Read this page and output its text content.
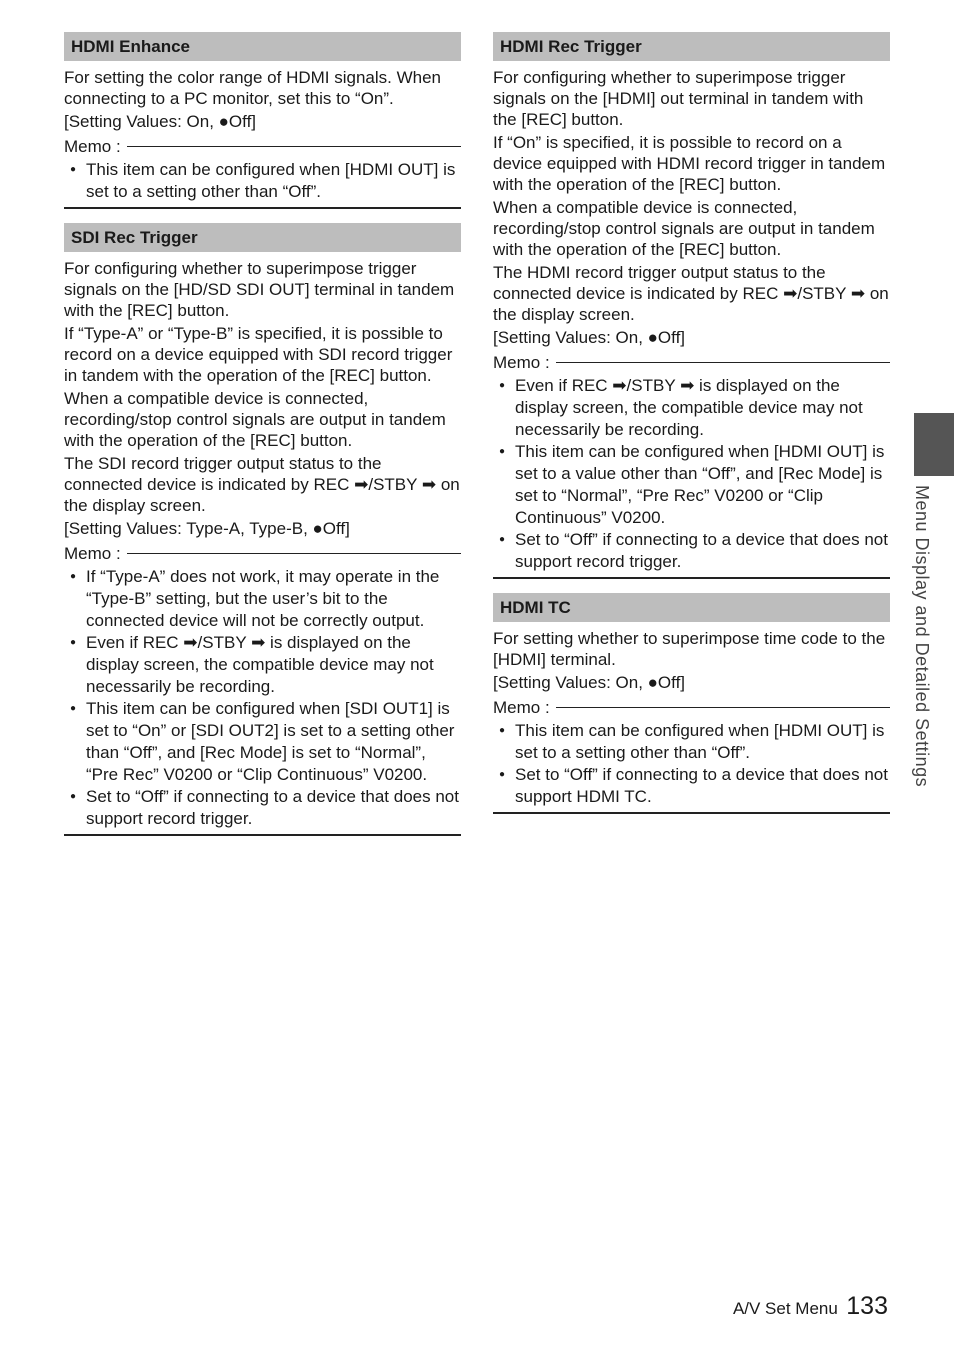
HDMI Enhance

For setting the color range of HDMI signals. When connecting to a PC monitor, set this to “On”.

[Setting Values: On, ●Off]

Memo :
● This item can be configured when [HDMI OUT] is set to a setting other than “Off”.
SDI Rec Trigger

For configuring whether to superimpose trigger signals on the [HD/SD SDI OUT] terminal in tandem with the [REC] button.

If “Type-A” or “Type-B” is specified, it is possible to record on a device equipped with SDI record trigger in tandem with the operation of the [REC] button.

When a compatible device is connected, recording/stop control signals are output in tandem with the operation of the [REC] button.

The SDI record trigger output status to the connected device is indicated by REC ➡/STBY ➡ on the display screen.

[Setting Values: Type-A, Type-B, ●Off]

Memo :
● If “Type-A” does not work, it may operate in the “Type-B” setting, but the user’s bit to the connected device will not be correctly output.
● Even if REC ➡/STBY ➡ is displayed on the display screen, the compatible device may not necessarily be recording.
● This item can be configured when [SDI OUT1] is set to “On” or [SDI OUT2] is set to a setting other than “Off”, and [Rec Mode] is set to “Normal”, “Pre Rec” V0200 or “Clip Continuous” V0200.
● Set to “Off” if connecting to a device that does not support record trigger.
HDMI Rec Trigger

For configuring whether to superimpose trigger signals on the [HDMI] out terminal in tandem with the [REC] button.

If “On” is specified, it is possible to record on a device equipped with HDMI record trigger in tandem with the operation of the [REC] button.

When a compatible device is connected, recording/stop control signals are output in tandem with the operation of the [REC] button.

The HDMI record trigger output status to the connected device is indicated by REC ➡/STBY ➡ on the display screen.

[Setting Values: On, ●Off]

Memo :
● Even if REC ➡/STBY ➡ is displayed on the display screen, the compatible device may not necessarily be recording.
● This item can be configured when [HDMI OUT] is set to a value other than “Off”, and [Rec Mode] is set to “Normal”, “Pre Rec” V0200 or “Clip Continuous” V0200.
● Set to “Off” if connecting to a device that does not support record trigger.
HDMI TC

For setting whether to superimpose time code to the [HDMI] terminal.

[Setting Values: On, ●Off]

Memo :
● This item can be configured when [HDMI OUT] is set to a setting other than “Off”.
● Set to “Off” if connecting to a device that does not support HDMI TC.
Menu Display and Detailed Settings
A/V Set Menu 133
